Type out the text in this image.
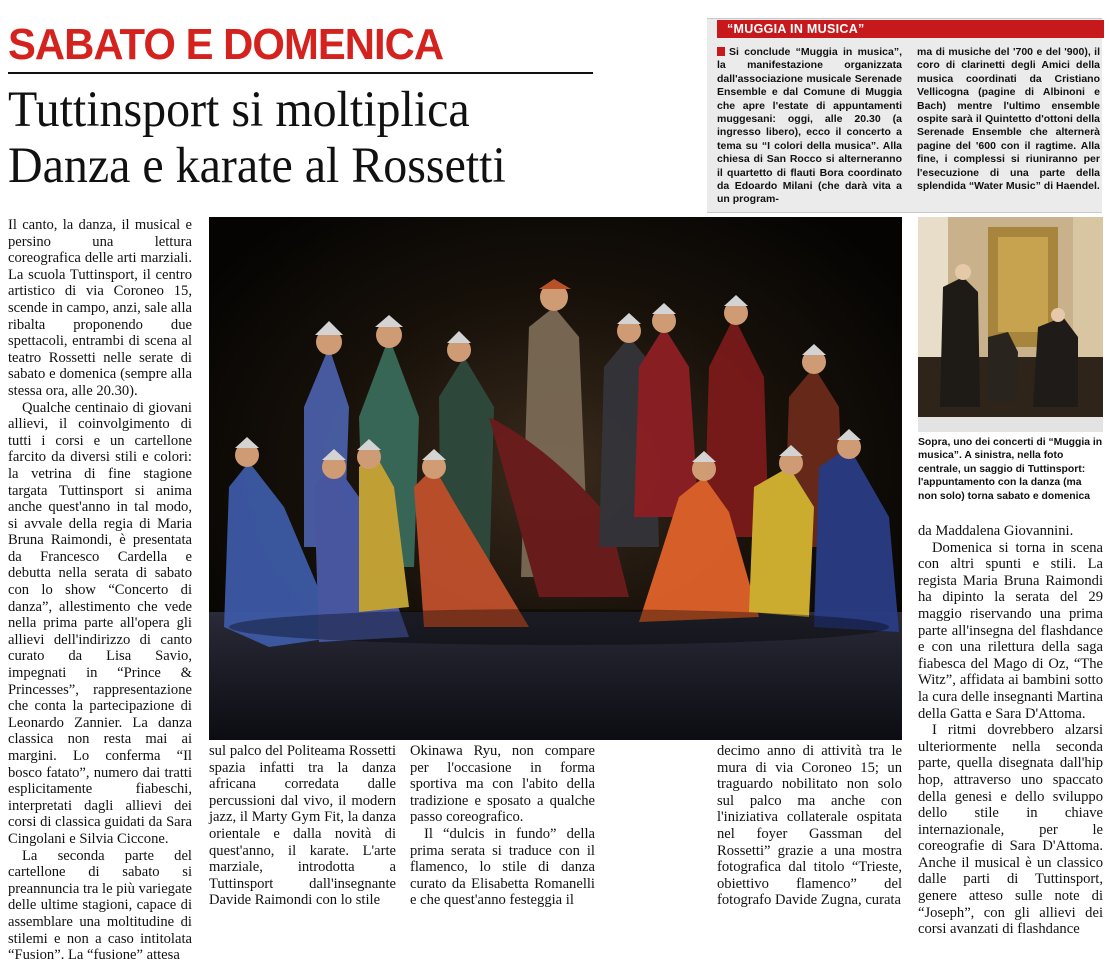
SABATO E DOMENICA
Tuttinsport si moltiplica
Danza e karate al Rossetti
“MUGGIA IN MUSICA”
Si conclude “Muggia in musica”, la manifestazione organizzata dall'associazione musicale Serenade Ensemble e dal Comune di Muggia che apre l'estate di appuntamenti muggesani: oggi, alle 20.30 (a ingresso libero), ecco il concerto a tema su “I colori della musica”. Alla chiesa di San Rocco si alterneranno il quartetto di flauti Bora coordinato da Edoardo Milani (che darà vita a un program-
ma di musiche del '700 e del '900), il coro di clarinetti degli Amici della musica coordinati da Cristiano Vellicogna (pagine di Albinoni e Bach) mentre l'ultimo ensemble ospite sarà il Quintetto d'ottoni della Serenade Ensemble che alternerà pagine del '600 con il ragtime. Alla fine, i complessi si riuniranno per l'esecuzione di una parte della splendida “Water Music” di Haendel.
Sopra, uno dei concerti di “Muggia in musica”. A sinistra, nella foto centrale, un saggio di Tuttinsport: l'appuntamento con la danza (ma non solo) torna sabato e domenica

Il canto, la danza, il musical e persino una lettura coreografica delle arti marziali. La scuola Tuttinsport, il centro artistico di via Coroneo 15, scende in campo, anzi, sale alla ribalta proponendo due spettacoli, entrambi di scena al teatro Rossetti nelle serate di sabato e domenica (sempre alla stessa ora, alle 20.30).

Qualche centinaio di giovani allievi, il coinvolgimento di tutti i corsi e un cartellone farcito da diversi stili e colori: la vetrina di fine stagione targata Tuttinsport si anima anche quest'anno in tal modo, si avvale della regia di Maria Bruna Raimondi, è presentata da Francesco Cardella e debutta nella serata di sabato con lo show “Concerto di danza”, allestimento che vede nella prima parte all'opera gli allievi dell'indirizzo di canto curato da Lisa Savio, impegnati in “Prince & Princesses”, rappresentazione che conta la partecipazione di Leonardo Zannier. La danza classica non resta mai ai margini. Lo conferma “Il bosco fatato”, numero dai tratti esplicitamente fiabeschi, interpretati dagli allievi dei corsi di classica guidati da Sara Cingolani e Silvia Ciccone.

La seconda parte del cartellone di sabato si preannuncia tra le più variegate delle ultime stagioni, capace di assemblare una moltitudine di stilemi e non a caso intitolata “Fusion”. La “fusione” attesa

sul palco del Politeama Rossetti spazia infatti tra la danza africana corredata dalle percussioni dal vivo, il modern jazz, il Marty Gym Fit, la danza orientale e dalla novità di quest'anno, il karate. L'arte marziale, introdotta a Tuttinsport dall'insegnante Davide Raimondi con lo stile

Okinawa Ryu, non compare per l'occasione in forma sportiva ma con l'abito della tradizione e sposato a qualche passo coreografico.

Il “dulcis in fundo” della prima serata si traduce con il flamenco, lo stile di danza curato da Elisabetta Romanelli e che quest'anno festeggia il

decimo anno di attività tra le mura di via Coroneo 15; un traguardo nobilitato non solo sul palco ma anche con l'iniziativa collaterale ospitata nel foyer Gassman del Rossetti” grazie a una mostra fotografica dal titolo “Trieste, obiettivo flamenco” del fotografo Davide Zugna, curata

da Maddalena Giovannini.

Domenica si torna in scena con altri spunti e stili. La regista Maria Bruna Raimondi ha dipinto la serata del 29 maggio riservando una prima parte all'insegna del flashdance e con una rilettura della saga fiabesca del Mago di Oz, “The Witz”, affidata ai bambini sotto la cura delle insegnanti Martina della Gatta e Sara D'Attoma.

I ritmi dovrebbero alzarsi ulteriormente nella seconda parte, quella disegnata dall'hip hop, attraverso uno spaccato della genesi e dello sviluppo dello stile in chiave internazionale, per le coreografie di Sara D'Attoma. Anche il musical è un classico dalle parti di Tuttinsport, genere atteso sulle note di “Joseph”, con gli allievi dei corsi avanzati di flashdance
